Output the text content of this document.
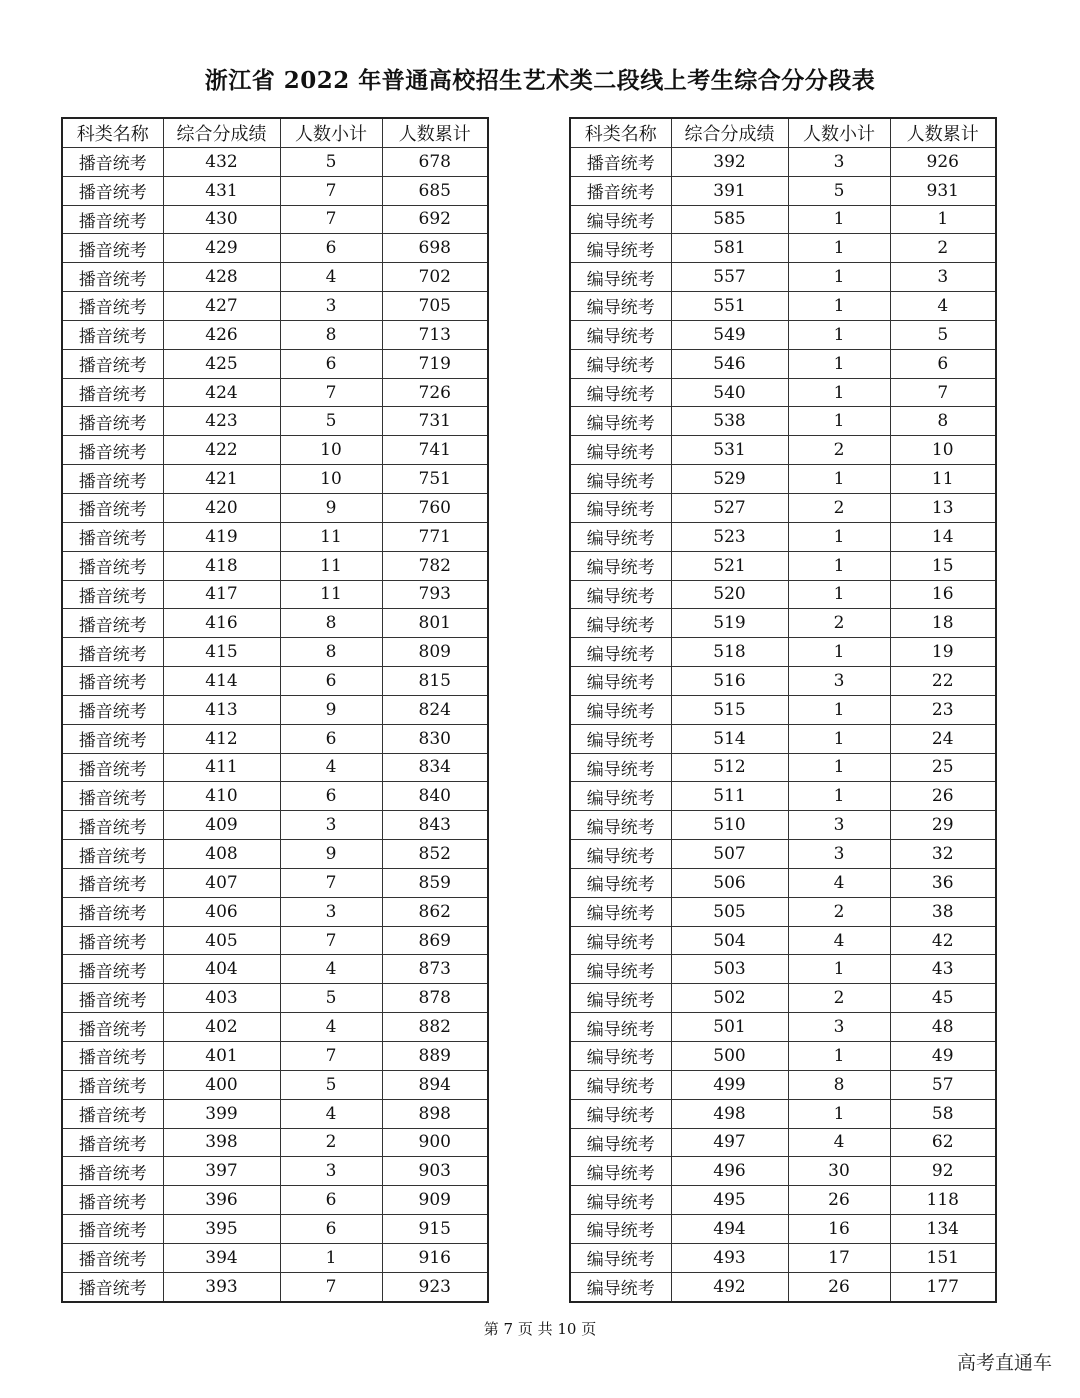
浙江省 2022 年普通高校招生艺术类二段线上考生综合分分段表
科类名称	综合分成绩	人数小计	人数累计
播音统考	432	5	678
播音统考	431	7	685
播音统考	430	7	692
播音统考	429	6	698
播音统考	428	4	702
播音统考	427	3	705
播音统考	426	8	713
播音统考	425	6	719
播音统考	424	7	726
播音统考	423	5	731
播音统考	422	10	741
播音统考	421	10	751
播音统考	420	9	760
播音统考	419	11	771
播音统考	418	11	782
播音统考	417	11	793
播音统考	416	8	801
播音统考	415	8	809
播音统考	414	6	815
播音统考	413	9	824
播音统考	412	6	830
播音统考	411	4	834
播音统考	410	6	840
播音统考	409	3	843
播音统考	408	9	852
播音统考	407	7	859
播音统考	406	3	862
播音统考	405	7	869
播音统考	404	4	873
播音统考	403	5	878
播音统考	402	4	882
播音统考	401	7	889
播音统考	400	5	894
播音统考	399	4	898
播音统考	398	2	900
播音统考	397	3	903
播音统考	396	6	909
播音统考	395	6	915
播音统考	394	1	916
播音统考	393	7	923
科类名称	综合分成绩	人数小计	人数累计
播音统考	392	3	926
播音统考	391	5	931
编导统考	585	1	1
编导统考	581	1	2
编导统考	557	1	3
编导统考	551	1	4
编导统考	549	1	5
编导统考	546	1	6
编导统考	540	1	7
编导统考	538	1	8
编导统考	531	2	10
编导统考	529	1	11
编导统考	527	2	13
编导统考	523	1	14
编导统考	521	1	15
编导统考	520	1	16
编导统考	519	2	18
编导统考	518	1	19
编导统考	516	3	22
编导统考	515	1	23
编导统考	514	1	24
编导统考	512	1	25
编导统考	511	1	26
编导统考	510	3	29
编导统考	507	3	32
编导统考	506	4	36
编导统考	505	2	38
编导统考	504	4	42
编导统考	503	1	43
编导统考	502	2	45
编导统考	501	3	48
编导统考	500	1	49
编导统考	499	8	57
编导统考	498	1	58
编导统考	497	4	62
编导统考	496	30	92
编导统考	495	26	118
编导统考	494	16	134
编导统考	493	17	151
编导统考	492	26	177
第 7 页 共 10 页
高考直通车
